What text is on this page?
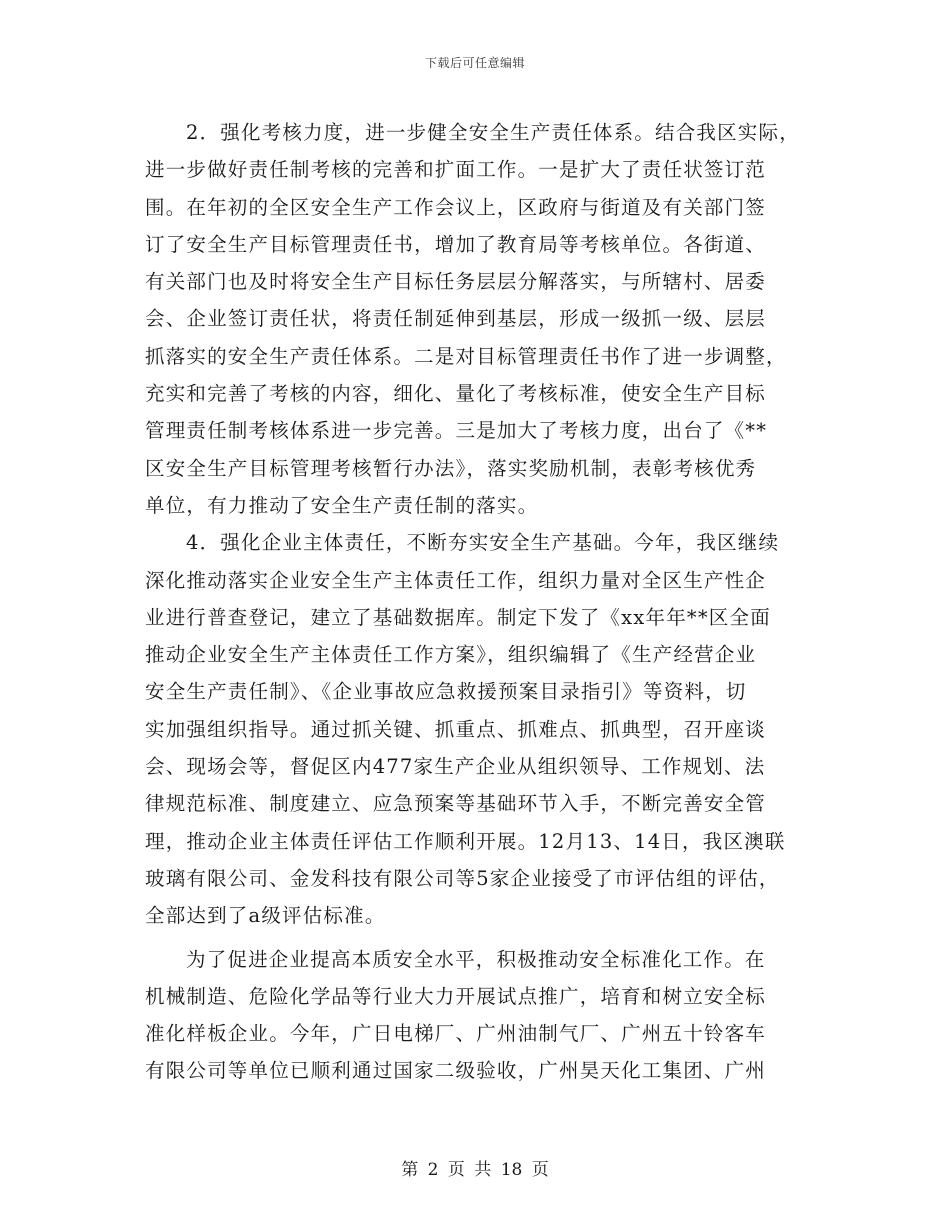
下载后可任意编辑
2．强化考核力度，进一步健全安全生产责任体系。结合我区实际，
进一步做好责任制考核的完善和扩面工作。一是扩大了责任状签订范
围。在年初的全区安全生产工作会议上，区政府与街道及有关部门签
订了安全生产目标管理责任书，增加了教育局等考核单位。各街道、
有关部门也及时将安全生产目标任务层层分解落实，与所辖村、居委
会、企业签订责任状，将责任制延伸到基层，形成一级抓一级、层层
抓落实的安全生产责任体系。二是对目标管理责任书作了进一步调整，
充实和完善了考核的内容，细化、量化了考核标准，使安全生产目标
管理责任制考核体系进一步完善。三是加大了考核力度，出台了《**
区安全生产目标管理考核暂行办法》，落实奖励机制，表彰考核优秀
单位，有力推动了安全生产责任制的落实。
4．强化企业主体责任，不断夯实安全生产基础。今年，我区继续
深化推动落实企业安全生产主体责任工作，组织力量对全区生产性企
业进行普查登记，建立了基础数据库。制定下发了《xx年年**区全面
推动企业安全生产主体责任工作方案》，组织编辑了《生产经营企业
安全生产责任制》、《企业事故应急救援预案目录指引》等资料，切
实加强组织指导。通过抓关键、抓重点、抓难点、抓典型，召开座谈
会、现场会等，督促区内477家生产企业从组织领导、工作规划、法
律规范标准、制度建立、应急预案等基础环节入手，不断完善安全管
理，推动企业主体责任评估工作顺利开展。12月13、14日，我区澳联
玻璃有限公司、金发科技有限公司等5家企业接受了市评估组的评估，
全部达到了a级评估标准。
为了促进企业提高本质安全水平，积极推动安全标准化工作。在
机械制造、危险化学品等行业大力开展试点推广，培育和树立安全标
准化样板企业。今年，广日电梯厂、广州油制气厂、广州五十铃客车
有限公司等单位已顺利通过国家二级验收，广州昊天化工集团、广州
第 2 页 共 18 页
